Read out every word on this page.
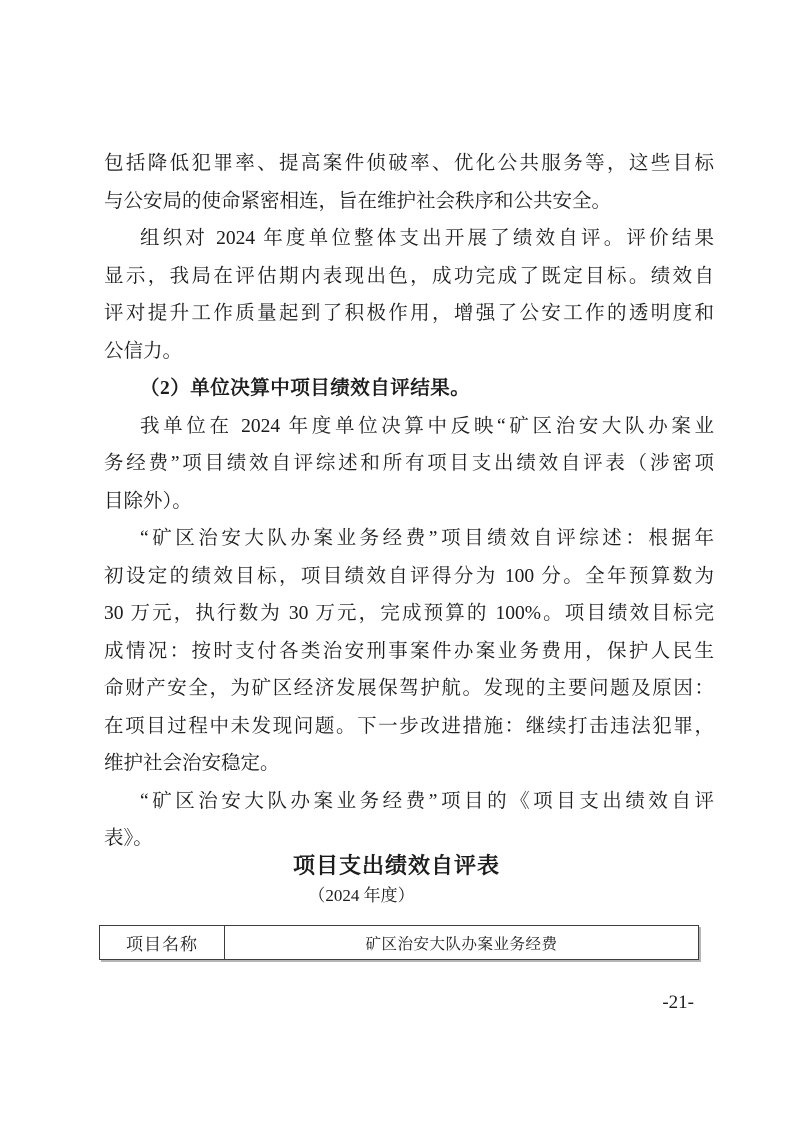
包括降低犯罪率、提高案件侦破率、优化公共服务等，这些目标
与公安局的使命紧密相连，旨在维护社会秩序和公共安全。
组织对 2024 年度单位整体支出开展了绩效自评。评价结果
显示，我局在评估期内表现出色，成功完成了既定目标。绩效自
评对提升工作质量起到了积极作用，增强了公安工作的透明度和
公信力。
（2）单位决算中项目绩效自评结果。
我单位在 2024 年度单位决算中反映“矿区治安大队办案业
务经费”项目绩效自评综述和所有项目支出绩效自评表（涉密项
目除外）。
“矿区治安大队办案业务经费”项目绩效自评综述：根据年
初设定的绩效目标，项目绩效自评得分为 100 分。全年预算数为
30 万元，执行数为 30 万元，完成预算的 100%。项目绩效目标完
成情况：按时支付各类治安刑事案件办案业务费用，保护人民生
命财产安全，为矿区经济发展保驾护航。发现的主要问题及原因：
在项目过程中未发现问题。下一步改进措施：继续打击违法犯罪，
维护社会治安稳定。
“矿区治安大队办案业务经费”项目的《项目支出绩效自评
表》。
项目支出绩效自评表
（2024 年度）
项目名称	矿区治安大队办案业务经费
-21-
